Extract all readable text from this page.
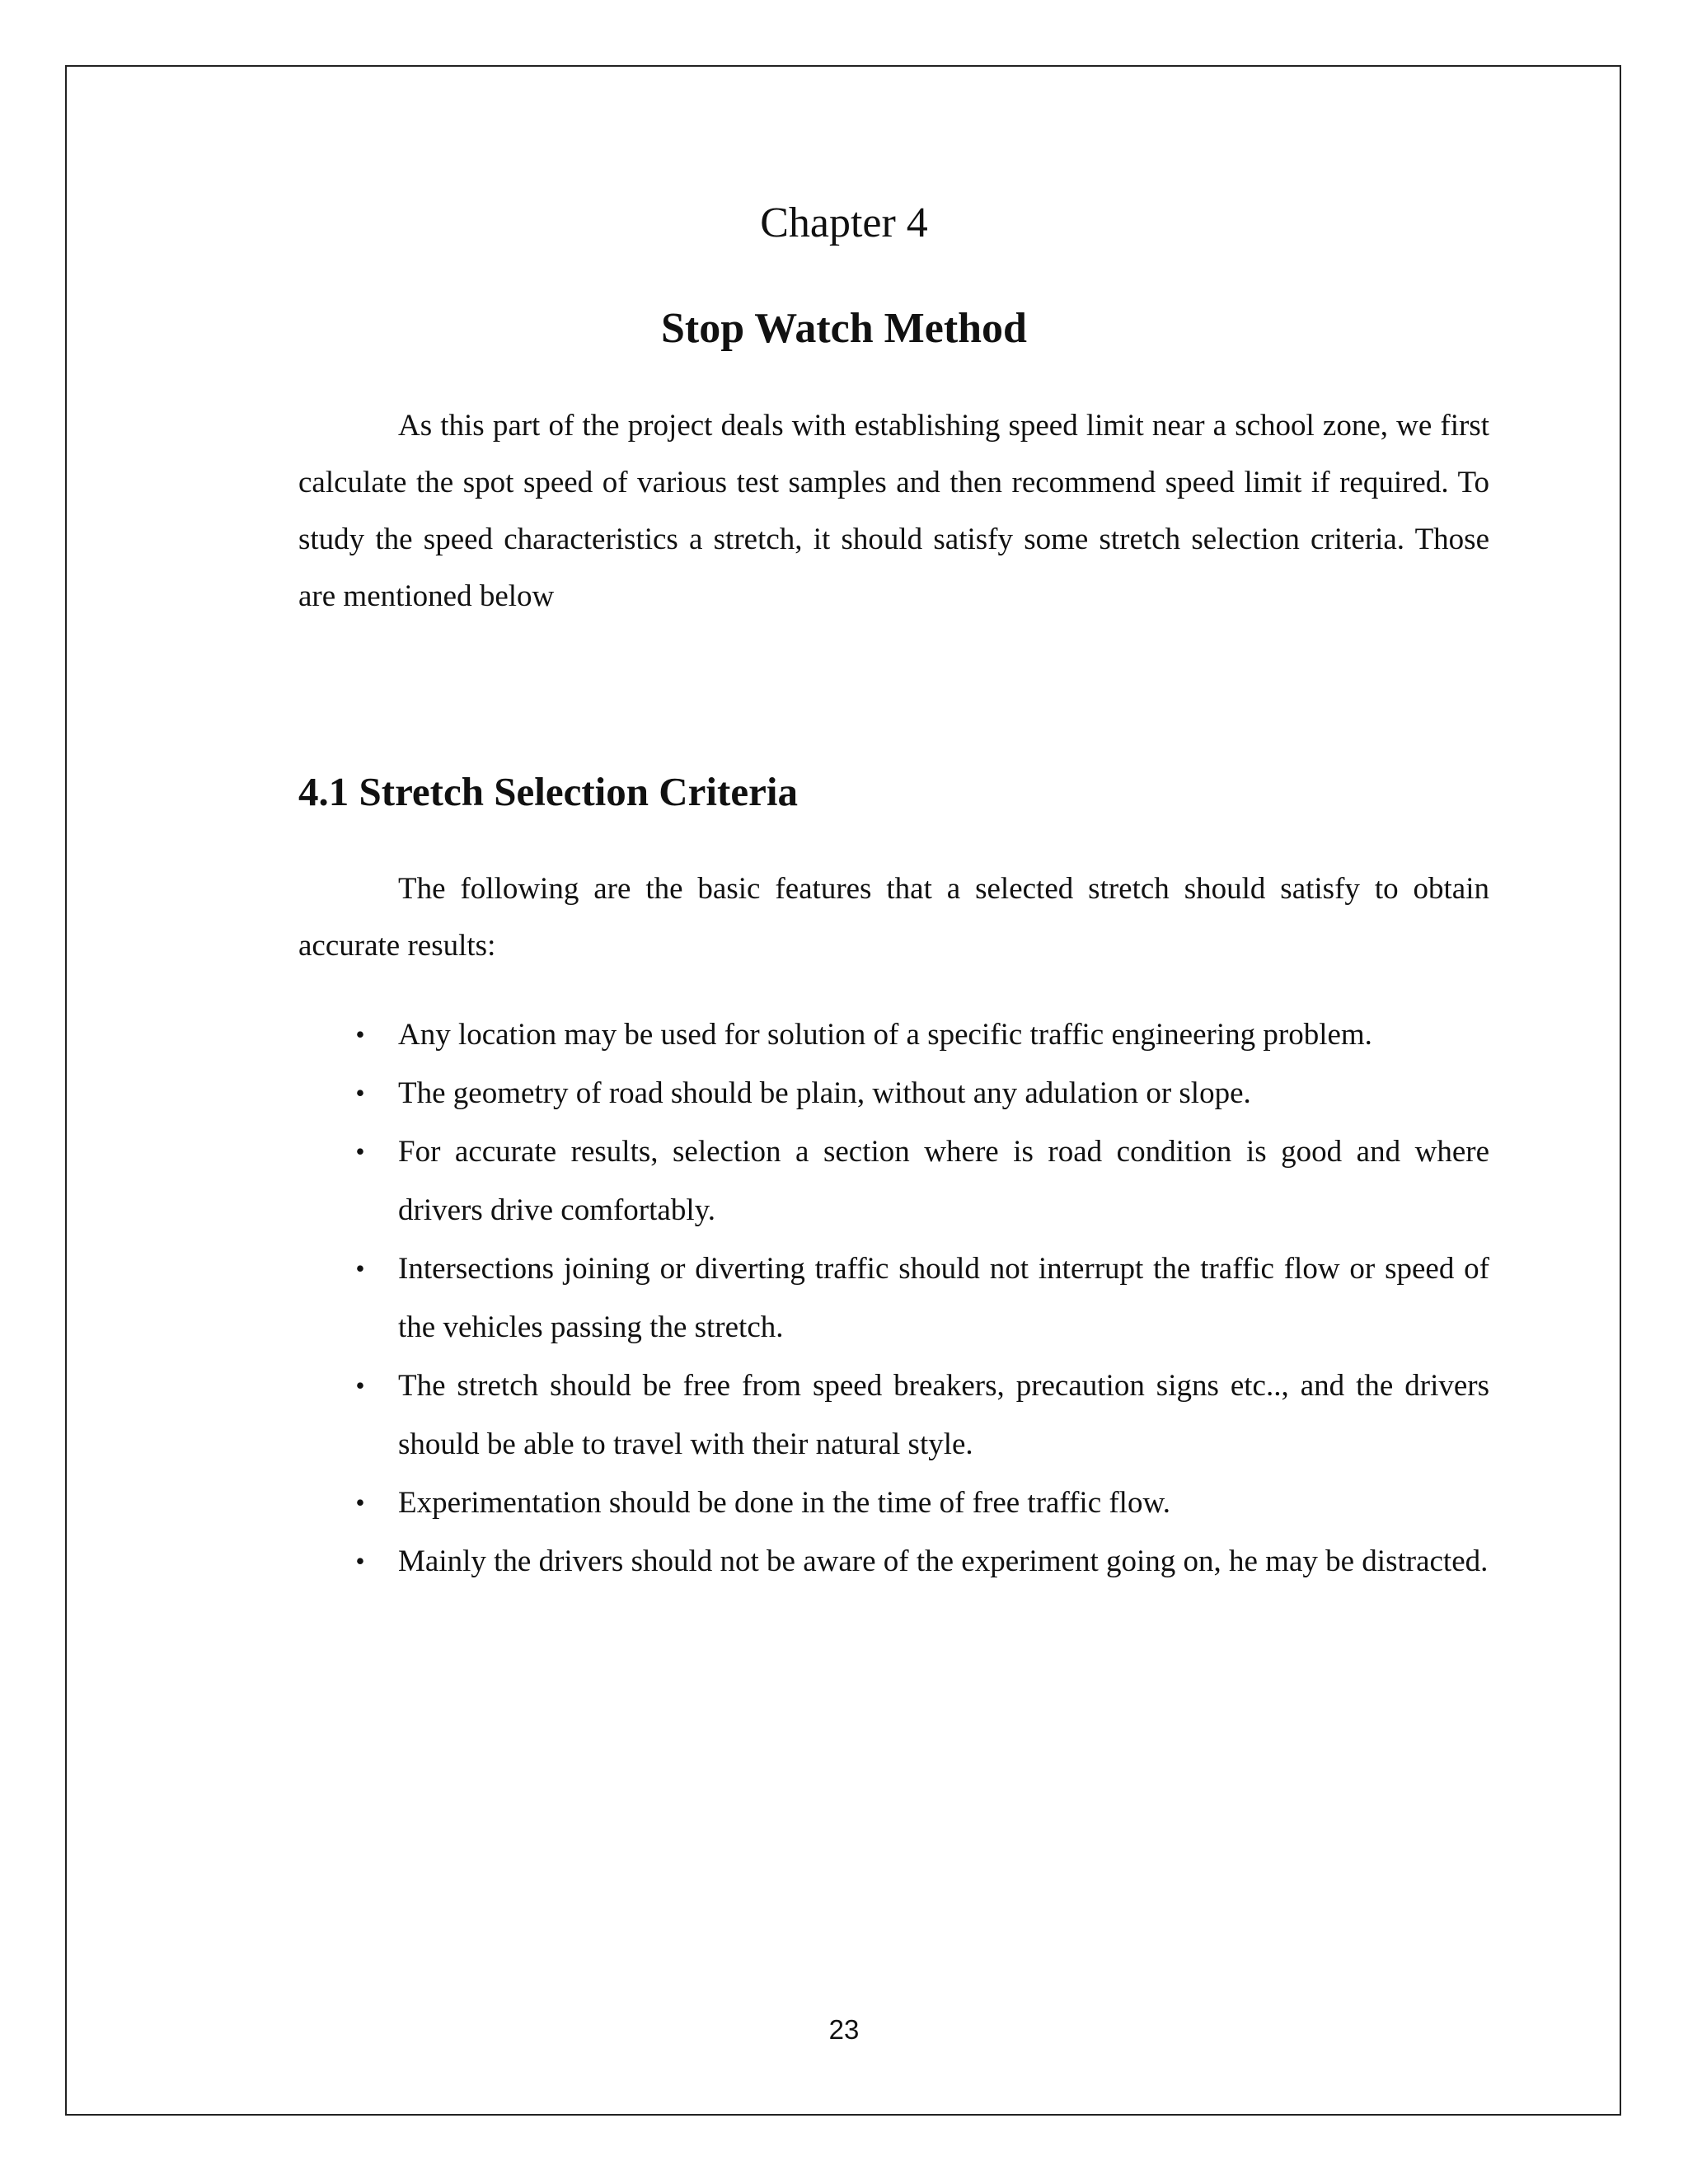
Chapter 4
Stop Watch Method

As this part of the project deals with establishing speed limit near a school zone, we first calculate the spot speed of various test samples and then recommend speed limit if required. To study the speed characteristics a stretch, it should satisfy some stretch selection criteria. Those are mentioned below

4.1 Stretch Selection Criteria

The following are the basic features that a selected stretch should satisfy to obtain accurate results:

• Any location may be used for solution of a specific traffic engineering problem.
• The geometry of road should be plain, without any adulation or slope.
• For accurate results, selection a section where is road condition is good and where drivers drive comfortably.
• Intersections joining or diverting traffic should not interrupt the traffic flow or speed of the vehicles passing the stretch.
• The stretch should be free from speed breakers, precaution signs etc.., and the drivers should be able to travel with their natural style.
• Experimentation should be done in the time of free traffic flow.
• Mainly the drivers should not be aware of the experiment going on, he may be distracted.

23
